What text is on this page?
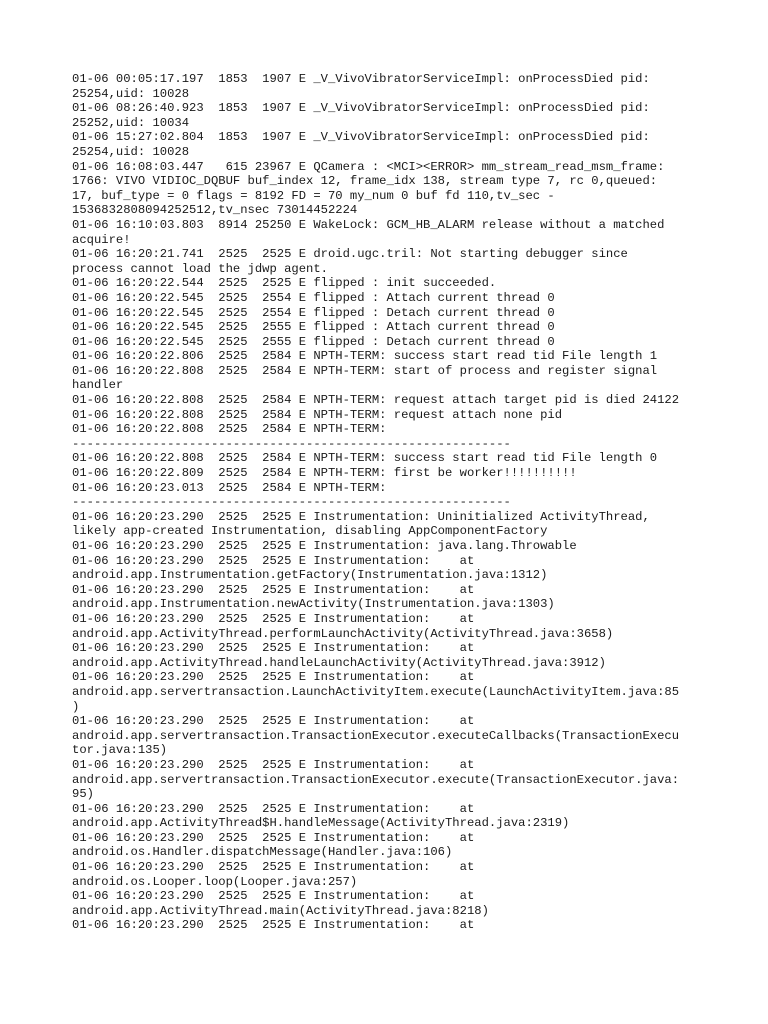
01-06 00:05:17.197  1853  1907 E _V_VivoVibratorServiceImpl: onProcessDied pid:
25254,uid: 10028
01-06 08:26:40.923  1853  1907 E _V_VivoVibratorServiceImpl: onProcessDied pid:
25252,uid: 10034
01-06 15:27:02.804  1853  1907 E _V_VivoVibratorServiceImpl: onProcessDied pid:
25254,uid: 10028
01-06 16:08:03.447   615 23967 E QCamera : <MCI><ERROR> mm_stream_read_msm_frame:
1766: VIVO VIDIOC_DQBUF buf_index 12, frame_idx 138, stream type 7, rc 0,queued:
17, buf_type = 0 flags = 8192 FD = 70 my_num 0 buf fd 110,tv_sec -
1536832808094252512,tv_nsec 73014452224
01-06 16:10:03.803  8914 25250 E WakeLock: GCM_HB_ALARM release without a matched
acquire!
01-06 16:20:21.741  2525  2525 E droid.ugc.tril: Not starting debugger since
process cannot load the jdwp agent.
01-06 16:20:22.544  2525  2525 E flipped : init succeeded.
01-06 16:20:22.545  2525  2554 E flipped : Attach current thread 0
01-06 16:20:22.545  2525  2554 E flipped : Detach current thread 0
01-06 16:20:22.545  2525  2555 E flipped : Attach current thread 0
01-06 16:20:22.545  2525  2555 E flipped : Detach current thread 0
01-06 16:20:22.806  2525  2584 E NPTH-TERM: success start read tid File length 1
01-06 16:20:22.808  2525  2584 E NPTH-TERM: start of process and register signal
handler
01-06 16:20:22.808  2525  2584 E NPTH-TERM: request attach target pid is died 24122
01-06 16:20:22.808  2525  2584 E NPTH-TERM: request attach none pid
01-06 16:20:22.808  2525  2584 E NPTH-TERM:
------------------------------------------------------------
01-06 16:20:22.808  2525  2584 E NPTH-TERM: success start read tid File length 0
01-06 16:20:22.809  2525  2584 E NPTH-TERM: first be worker!!!!!!!!!!
01-06 16:20:23.013  2525  2584 E NPTH-TERM:
------------------------------------------------------------
01-06 16:20:23.290  2525  2525 E Instrumentation: Uninitialized ActivityThread,
likely app-created Instrumentation, disabling AppComponentFactory
01-06 16:20:23.290  2525  2525 E Instrumentation: java.lang.Throwable
01-06 16:20:23.290  2525  2525 E Instrumentation:    at
android.app.Instrumentation.getFactory(Instrumentation.java:1312)
01-06 16:20:23.290  2525  2525 E Instrumentation:    at
android.app.Instrumentation.newActivity(Instrumentation.java:1303)
01-06 16:20:23.290  2525  2525 E Instrumentation:    at
android.app.ActivityThread.performLaunchActivity(ActivityThread.java:3658)
01-06 16:20:23.290  2525  2525 E Instrumentation:    at
android.app.ActivityThread.handleLaunchActivity(ActivityThread.java:3912)
01-06 16:20:23.290  2525  2525 E Instrumentation:    at
android.app.servertransaction.LaunchActivityItem.execute(LaunchActivityItem.java:85
)
01-06 16:20:23.290  2525  2525 E Instrumentation:    at
android.app.servertransaction.TransactionExecutor.executeCallbacks(TransactionExecu
tor.java:135)
01-06 16:20:23.290  2525  2525 E Instrumentation:    at
android.app.servertransaction.TransactionExecutor.execute(TransactionExecutor.java:
95)
01-06 16:20:23.290  2525  2525 E Instrumentation:    at
android.app.ActivityThread$H.handleMessage(ActivityThread.java:2319)
01-06 16:20:23.290  2525  2525 E Instrumentation:    at
android.os.Handler.dispatchMessage(Handler.java:106)
01-06 16:20:23.290  2525  2525 E Instrumentation:    at
android.os.Looper.loop(Looper.java:257)
01-06 16:20:23.290  2525  2525 E Instrumentation:    at
android.app.ActivityThread.main(ActivityThread.java:8218)
01-06 16:20:23.290  2525  2525 E Instrumentation:    at
